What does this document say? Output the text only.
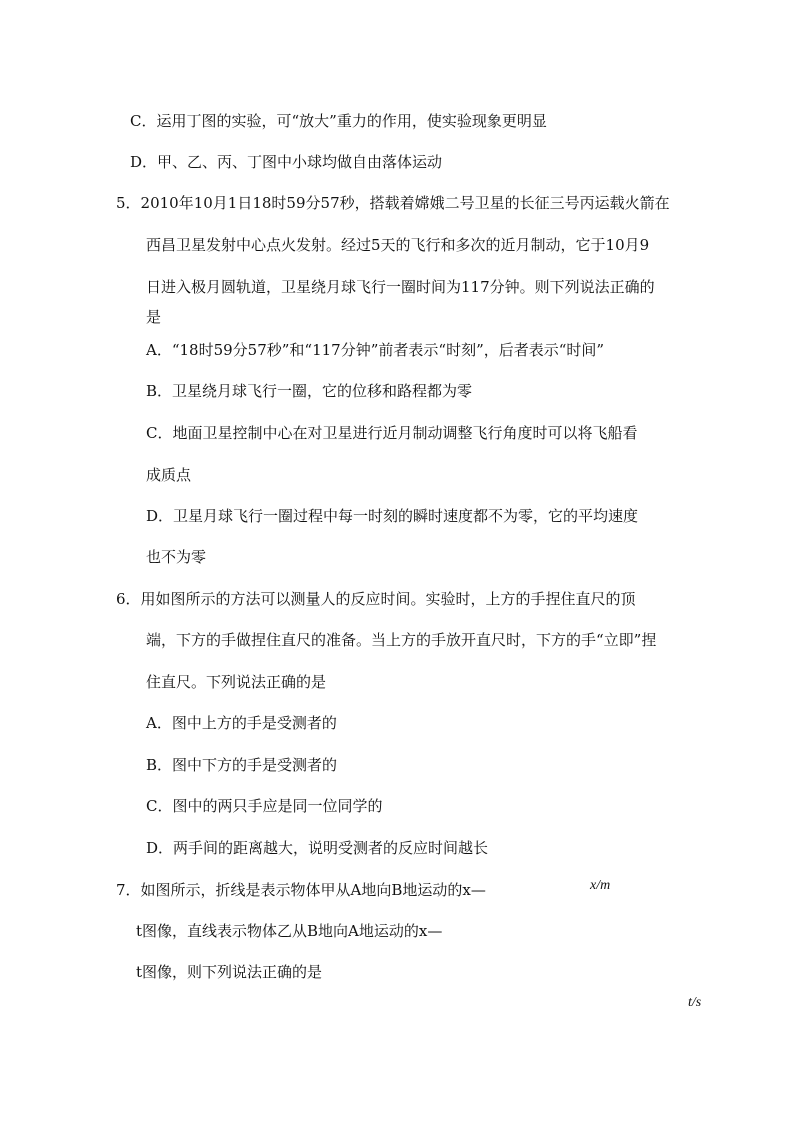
C．运用丁图的实验，可“放大”重力的作用，使实验现象更明显
D．甲、乙、丙、丁图中小球均做自由落体运动
5．2010年10月1日18时59分57秒，搭载着嫦娥二号卫星的长征三号丙运载火箭在
西昌卫星发射中心点火发射。经过5天的飞行和多次的近月制动，它于10月9
日进入极月圆轨道，卫星绕月球飞行一圈时间为117分钟。则下列说法正确的
是
A．“18时59分57秒”和“117分钟”前者表示“时刻”，后者表示“时间”
B．卫星绕月球飞行一圈，它的位移和路程都为零
C．地面卫星控制中心在对卫星进行近月制动调整飞行角度时可以将飞船看
成质点
D．卫星月球飞行一圈过程中每一时刻的瞬时速度都不为零，它的平均速度
也不为零
6．用如图所示的方法可以测量人的反应时间。实验时，上方的手捏住直尺的顶
端，下方的手做捏住直尺的准备。当上方的手放开直尺时，下方的手“立即”捏
住直尺。下列说法正确的是
A．图中上方的手是受测者的
B．图中下方的手是受测者的
C．图中的两只手应是同一位同学的
D．两手间的距离越大，说明受测者的反应时间越长
7．如图所示，折线是表示物体甲从A地向B地运动的x—
t图像，直线表示物体乙从B地向A地运动的x—
t图像，则下列说法正确的是
x/m
t/s
